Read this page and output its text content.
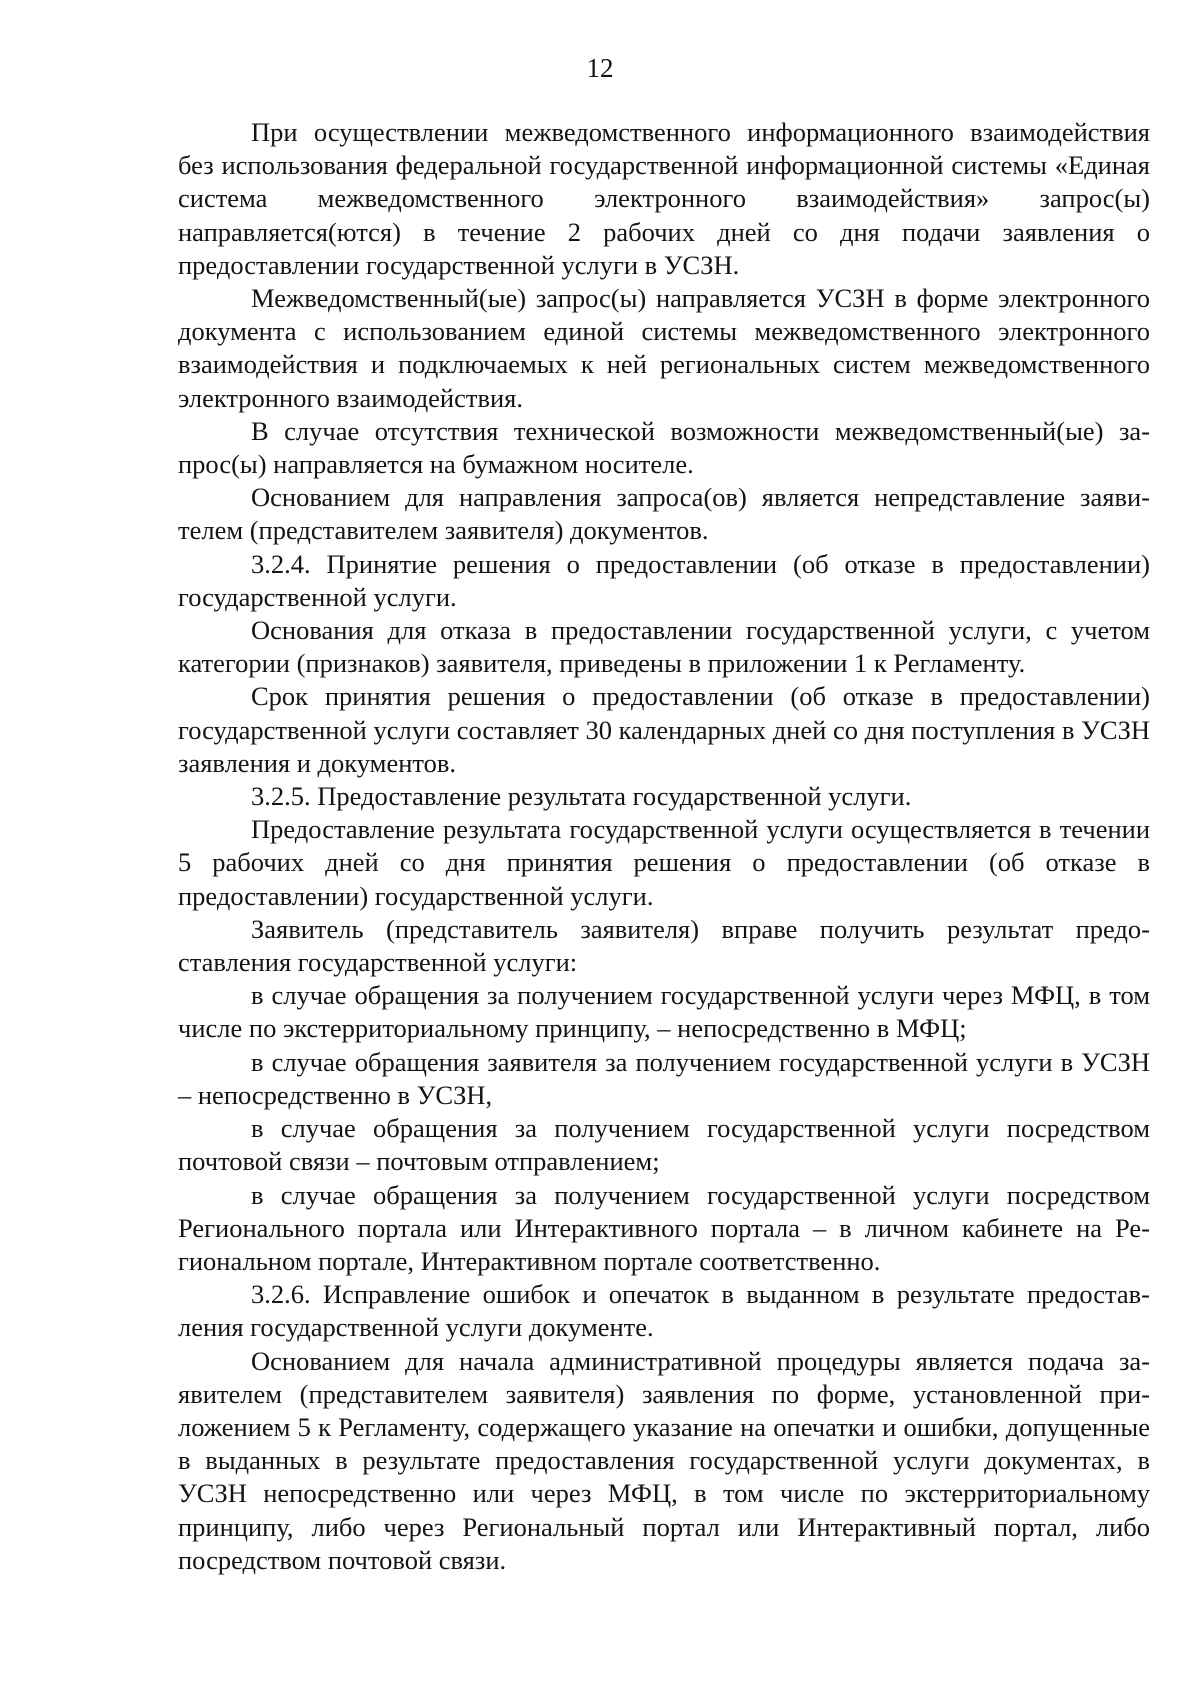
12

При осуществлении межведомственного информационного взаимодействия без использования федеральной государственной информационной системы «Единая система межведомственного электронного взаимодействия» запрос(ы) направляется(ются) в течение 2 рабочих дней со дня подачи заявления о предоставлении государственной услуги в УСЗН.

Межведомственный(ые) запрос(ы) направляется УСЗН в форме электронного документа с использованием единой системы межведомственного электронного взаимодействия и подключаемых к ней региональных систем межведомственного электронного взаимодействия.

В случае отсутствия технической возможности межведомственный(ые) запрос(ы) направляется на бумажном носителе.

Основанием для направления запроса(ов) является непредставление заявителем (представителем заявителя) документов.

3.2.4. Принятие решения о предоставлении (об отказе в предоставлении) государственной услуги.

Основания для отказа в предоставлении государственной услуги, с учетом категории (признаков) заявителя, приведены в приложении 1 к Регламенту.

Срок принятия решения о предоставлении (об отказе в предоставлении) государственной услуги составляет 30 календарных дней со дня поступления в УСЗН заявления и документов.

3.2.5. Предоставление результата государственной услуги.

Предоставление результата государственной услуги осуществляется в течении 5 рабочих дней со дня принятия решения о предоставлении (об отказе в предоставлении) государственной услуги.

Заявитель (представитель заявителя) вправе получить результат предоставления государственной услуги:

в случае обращения за получением государственной услуги через МФЦ, в том числе по экстерриториальному принципу, – непосредственно в МФЦ;

в случае обращения заявителя за получением государственной услуги в УСЗН – непосредственно в УСЗН,

в случае обращения за получением государственной услуги посредством почтовой связи – почтовым отправлением;

в случае обращения за получением государственной услуги посредством Регионального портала или Интерактивного портала – в личном кабинете на Региональном портале, Интерактивном портале соответственно.

3.2.6. Исправление ошибок и опечаток в выданном в результате предоставления государственной услуги документе.

Основанием для начала административной процедуры является подача заявителем (представителем заявителя) заявления по форме, установленной приложением 5 к Регламенту, содержащего указание на опечатки и ошибки, допущенные в выданных в результате предоставления государственной услуги документах, в УСЗН непосредственно или через МФЦ, в том числе по экстерриториальному принципу, либо через Региональный портал или Интерактивный портал, либо посредством почтовой связи.
